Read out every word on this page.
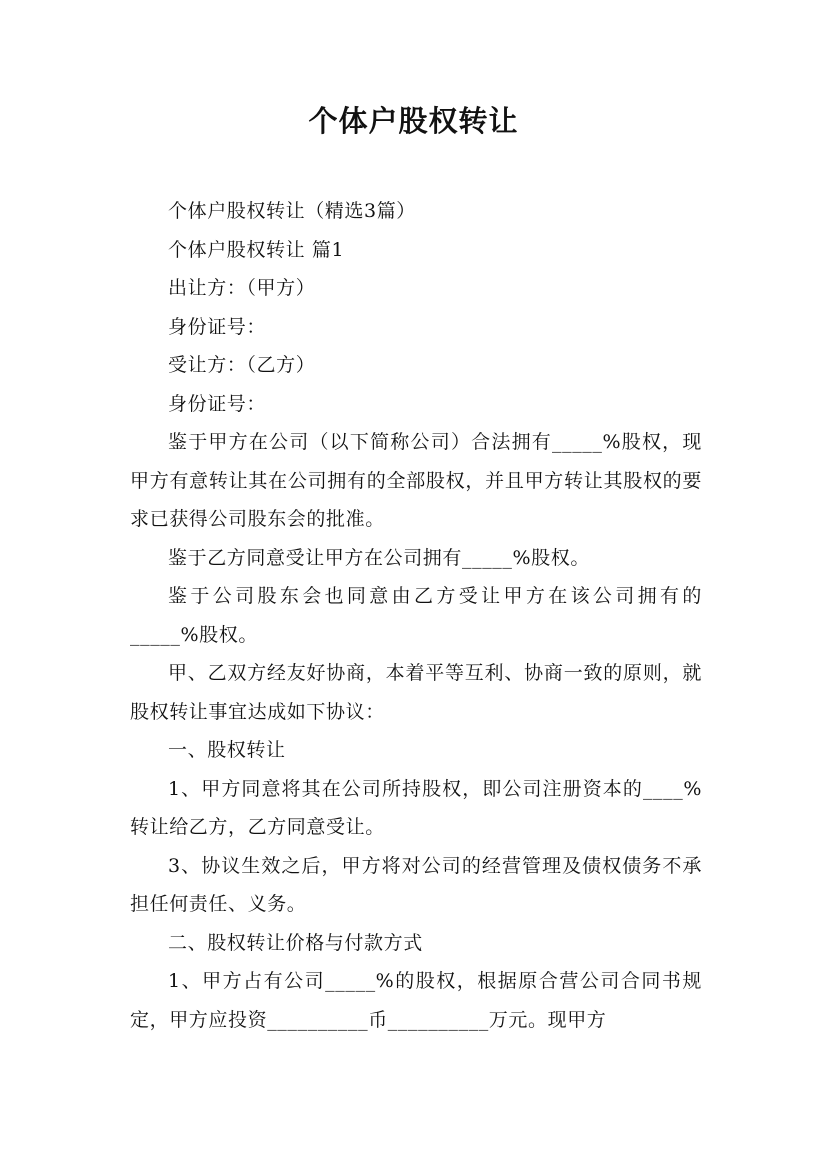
个体户股权转让

个体户股权转让（精选3篇）

个体户股权转让 篇1

出让方：（甲方）

身份证号：

受让方：（乙方）

身份证号：

鉴于甲方在公司（以下简称公司）合法拥有_____%股权，现甲方有意转让其在公司拥有的全部股权，并且甲方转让其股权的要求已获得公司股东会的批准。

鉴于乙方同意受让甲方在公司拥有_____%股权。

鉴于公司股东会也同意由乙方受让甲方在该公司拥有的_____%股权。

甲、乙双方经友好协商，本着平等互利、协商一致的原则，就股权转让事宜达成如下协议：

一、股权转让

1、甲方同意将其在公司所持股权，即公司注册资本的____%转让给乙方，乙方同意受让。

3、协议生效之后，甲方将对公司的经营管理及债权债务不承担任何责任、义务。

二、股权转让价格与付款方式

1、甲方占有公司_____%的股权，根据原合营公司合同书规定，甲方应投资__________币__________万元。现甲方
